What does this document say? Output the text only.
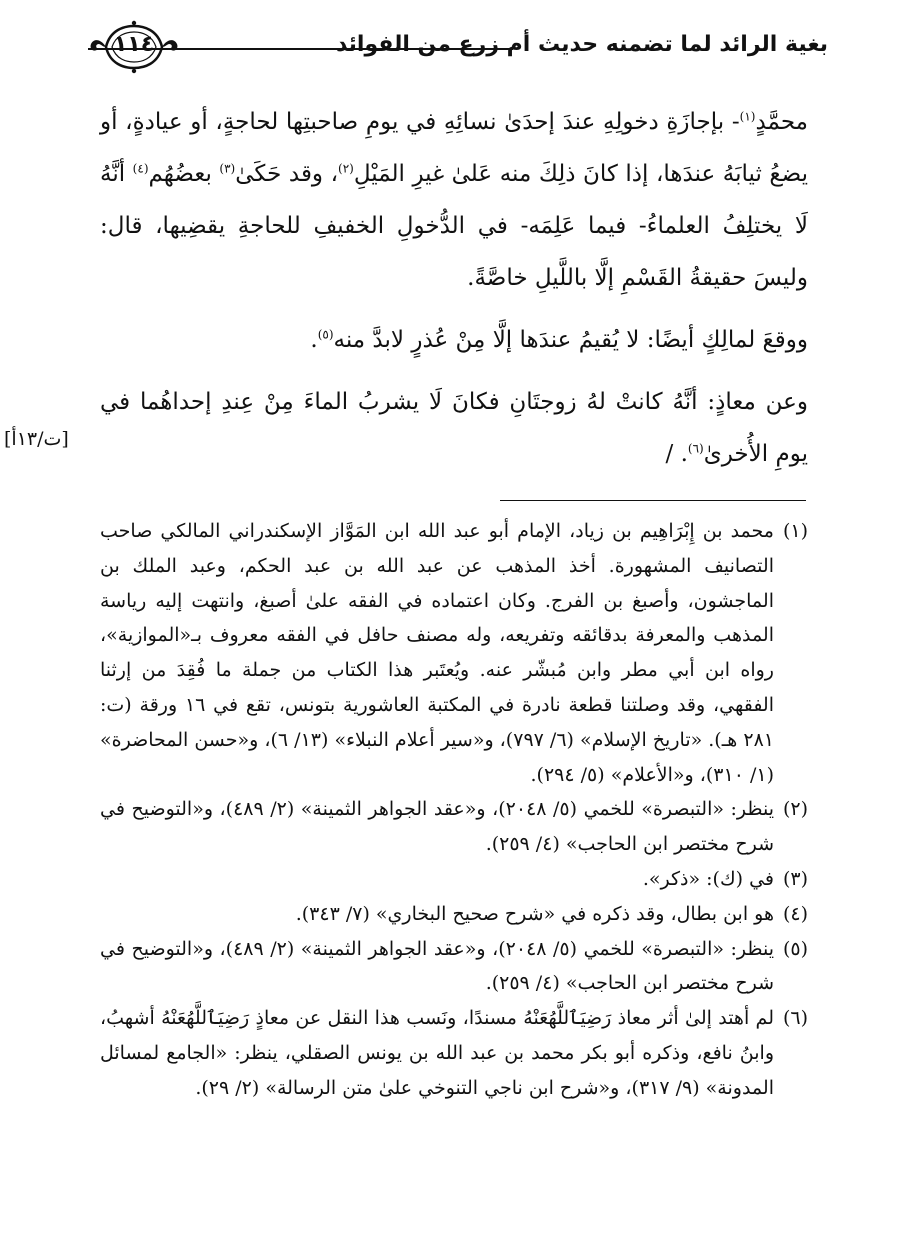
بغية الرائد لما تضمنه حديث أم زرع من الفوائد
١١٤

محمَّدٍ$^{(١)}$- بإجازَةِ دخولِهِ عندَ إحدَىٰ نسائِهِ في يومِ صاحبتِها لحاجةٍ، أو عيادةٍ، أو يضعُ ثيابَهُ عندَها، إذا كانَ ذلِكَ منه عَلىٰ غيرِ المَيْلِ$^{(٢)}$، وقد حَكَىٰ$^{(٣)}$ بعضُهُم$^{(٤)}$ أنَّهُ لَا يختلِفُ العلماءُ- فيما عَلِمَه- في الدُّخولِ الخفيفِ للحاجةِ يقضِيها، قال: وليسَ حقيقةُ القَسْمِ إلَّا باللَّيلِ خاصَّةً.

ووقعَ لمالِكٍ أيضًا: لا يُقيمُ عندَها إلَّا مِنْ عُذرٍ لابدَّ منه$^{(٥)}$.

وعن معاذٍ: أنَّهُ كانتْ لهُ زوجتَانِ فكانَ لَا يشربُ الماءَ مِنْ عِندِ إحداهُما في يومِ الأُخرىٰ$^{(٦)}$. /

[ت/١٣أ]
(١)
محمد بن إِبْرَاهِيم بن زياد، الإمام أبو عبد الله ابن المَوَّاز الإسكندراني المالكي صاحب التصانيف المشهورة. أخذ المذهب عن عبد الله بن عبد الحكم، وعبد الملك بن الماجشون، وأصبغ بن الفرج. وكان اعتماده في الفقه علىٰ أصبغ، وانتهت إليه رياسة المذهب والمعرفة بدقائقه وتفريعه، وله مصنف حافل في الفقه معروف بـ«الموازية»، رواه ابن أبي مطر وابن مُبشّر عنه. ويُعتَبر هذا الكتاب من جملة ما فُقِدَ من إرثنا الفقهي، وقد وصلتنا قطعة نادرة في المكتبة العاشورية بتونس، تقع في ١٦ ورقة (ت: ٢٨١ هـ). «تاريخ الإسلام» (٦/ ٧٩٧)، و«سير أعلام النبلاء» (١٣/ ٦)، و«حسن المحاضرة» (١/ ٣١٠)، و«الأعلام» (٥/ ٢٩٤).
(٢)
ينظر: «التبصرة» للخمي (٥/ ٢٠٤٨)، و«عقد الجواهر الثمينة» (٢/ ٤٨٩)، و«التوضيح في شرح مختصر ابن الحاجب» (٤/ ٢٥٩).
(٣)
في (ك): «ذكر».
(٤)
هو ابن بطال، وقد ذكره في «شرح صحيح البخاري» (٧/ ٣٤٣).
(٥)
ينظر: «التبصرة» للخمي (٥/ ٢٠٤٨)، و«عقد الجواهر الثمينة» (٢/ ٤٨٩)، و«التوضيح في شرح مختصر ابن الحاجب» (٤/ ٢٥٩).
(٦)
لم أهتد إلىٰ أثر معاذ رَضِيَٱللَّهُعَنْهُ مسندًا، ونَسب هذا النقل عن معاذٍ رَضِيَٱللَّهُعَنْهُ أشهبُ، وابنُ نافع، وذكره أبو بكر محمد بن عبد الله بن يونس الصقلي، ينظر: «الجامع لمسائل المدونة» (٩/ ٣١٧)، و«شرح ابن ناجي التنوخي علىٰ متن الرسالة» (٢/ ٢٩).
